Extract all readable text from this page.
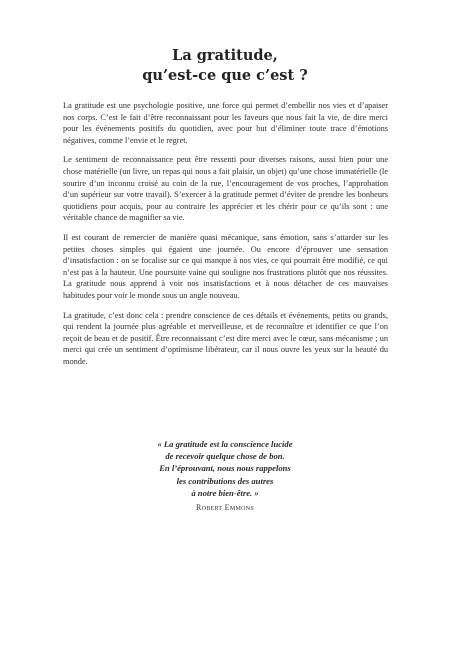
La gratitude,
qu’est-ce que c’est ?

La gratitude est une psychologie positive, une force qui permet d’embellir nos vies et d’apaiser nos corps. C’est le fait d’être reconnaissant pour les faveurs que nous fait la vie, de dire merci pour les événements positifs du quotidien, avec pour but d’éliminer toute trace d’émotions négatives, comme l’envie et le regret.

Le sentiment de reconnaissance peut être ressenti pour diverses raisons, aussi bien pour une chose matérielle (un livre, un repas qui nous a fait plaisir, un objet) qu’une chose immatérielle (le sourire d’un inconnu croisé au coin de la rue, l’encouragement de vos proches, l’approbation d’un supérieur sur votre travail). S’exercer à la gratitude permet d’éviter de prendre les bonheurs quotidiens pour acquis, pour au contraire les apprécier et les chérir pour ce qu’ils sont : une véritable chance de magnifier sa vie.

Il est courant de remercier de manière quasi mécanique, sans émotion, sans s’attarder sur les petites choses simples qui égaient une journée. Ou encore d’éprouver une sensation d’insatisfaction : on se focalise sur ce qui manque à nos vies, ce qui pourrait être modifié, ce qui n’est pas à la hauteur. Une poursuite vaine qui souligne nos frustrations plutôt que nos réussites. La gratitude nous apprend à voir nos insatisfactions et à nous détacher de ces mauvaises habitudes pour voir le monde sous un angle nouveau.

La gratitude, c’est donc cela : prendre conscience de ces détails et événements, petits ou grands, qui rendent la journée plus agréable et merveilleuse, et de reconnaître et identifier ce que l’on reçoit de beau et de positif. Être reconnaissant c’est dire merci avec le cœur, sans mécanisme ; un merci qui crée un sentiment d’optimisme libérateur, car il nous ouvre les yeux sur la beauté du monde.

« La gratitude est la conscience lucide
de recevoir quelque chose de bon.
En l’éprouvant, nous nous rappelons
les contributions des autres
à notre bien-être. »
Robert Emmons
